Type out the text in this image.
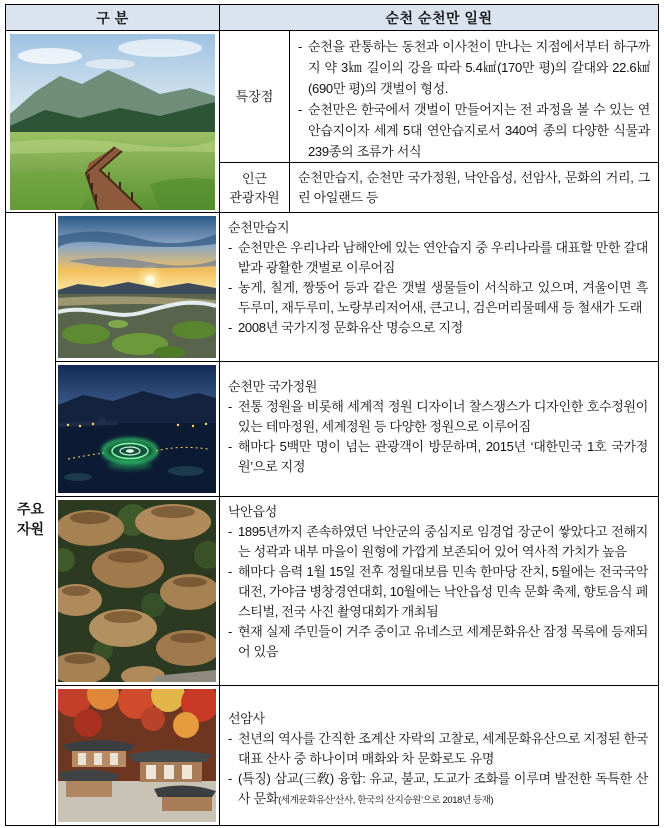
구 분	순천 순천만 일원
특장점

- 순천을 관통하는 동천과 이사천이 만나는 지점에서부터 하구까지 약 3㎞ 길이의 강을 따라 5.4㎢(170만 평)의 갈대와 22.6㎢(690만 평)의 갯벌이 형성.

- 순천만은 한국에서 갯벌이 만들어지는 전 과정을 볼 수 있는 연안습지이자 세계 5대 연안습지로서 340여 종의 다양한 식물과 239종의 조류가 서식

인근
관광자원

순천만습지, 순천만 국가정원, 낙안읍성, 선암사, 문화의 거리, 그린 아일랜드 등

주요
자원

순천만습지

- 순천만은 우리나라 남해안에 있는 연안습지 중 우리나라를 대표할 만한 갈대밭과 광활한 갯벌로 이루어짐

- 농게, 칠게, 짱뚱어 등과 같은 갯벌 생물들이 서식하고 있으며, 겨울이면 흑두루미, 재두루미, 노랑부리저어새, 큰고니, 검은머리물떼새 등 철새가 도래

- 2008년 국가지정 문화유산 명승으로 지정

순천만 국가정원

- 전통 정원을 비롯해 세계적 정원 디자이너 찰스쟁스가 디자인한 호수정원이 있는 테마정원, 세계정원 등 다양한 정원으로 이루어짐

- 해마다 5백만 명이 넘는 관광객이 방문하며, 2015년 ‘대한민국 1호 국가정원’으로 지정

낙안읍성

- 1895년까지 존속하였던 낙안군의 중심지로 임경업 장군이 쌓았다고 전해지는 성곽과 내부 마을이 원형에 가깝게 보존되어 있어 역사적 가치가 높음

- 해마다 음력 1월 15일 전후 정월대보름 민속 한마당 잔치, 5월에는 전국국악대전, 가야금 병창경연대회, 10월에는 낙안읍성 민속 문화 축제, 향토음식 페스티벌, 전국 사진 촬영대회가 개최됨

- 현재 실제 주민들이 거주 중이고 유네스코 세계문화유산 잠정 목록에 등재되어 있음

선암사

- 천년의 역사를 간직한 조계산 자락의 고찰로, 세계문화유산으로 지정된 한국 대표 산사 중 하나이며 매화와 차 문화로도 유명

- (특징) 삼교(三敎) 융합: 유교, 불교, 도교가 조화를 이루며 발전한 독특한 산사 문화(세계문화유산‘산사, 한국의 산지승원’으로 2018년 등재)
